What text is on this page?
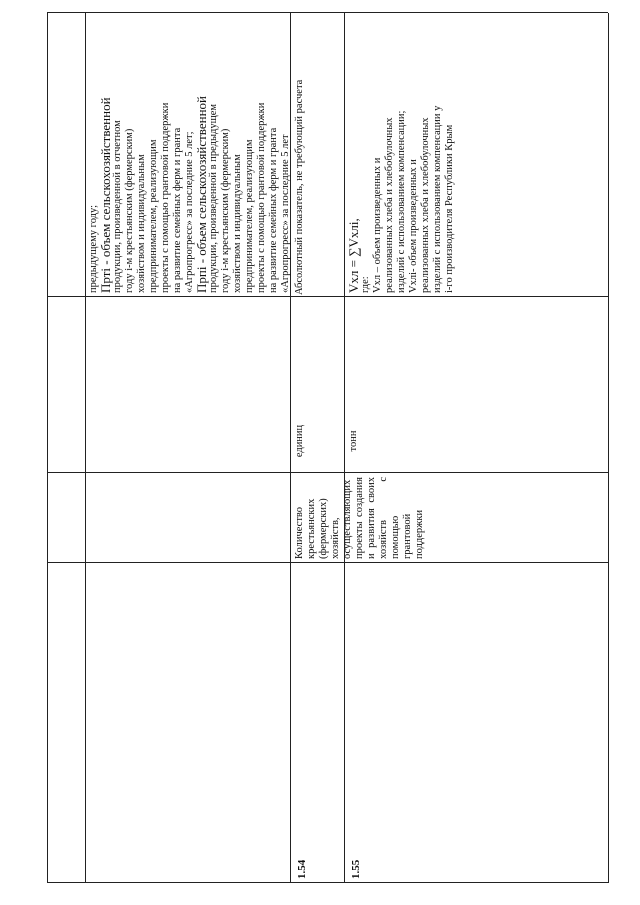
предыдущему году; Прті - объем сельскохозяйственной продукции, произведенной в отчетном году i-м крестьянским (фермерским) хозяйством и индивидуальным предпринимателем, реализующим проекты с помощью грантовой поддержки на развитие семейных ферм и гранта «Агропрогресс» за последние 5 лет; Прпі - объем сельскохозяйственной продукции, произведенной в предыдущем году i-м крестьянским (фермерским) хозяйством и индивидуальным предпринимателем, реализующим проекты с помощью грантовой поддержки на развитие семейных ферм и гранта «Агропрогресс» за последние 5 лет
1.54
Количество крестьянских (фермерских) хозяйств, осуществляющих проекты создания и развития своих хозяйств с помощью грантовой поддержки
Абсолютный показатель, не требующий расчета
единиц
1.55
тонн
Vхл = ∑Vхлі, где: Vхл – объем произведенных и реализованных хлеба и хлебобулочных изделий с использованием компенсации; Vхлі- объем произведенных и реализованных хлеба и хлебобулочных изделий с использованием компенсации у і-го производителя Республики Крым
